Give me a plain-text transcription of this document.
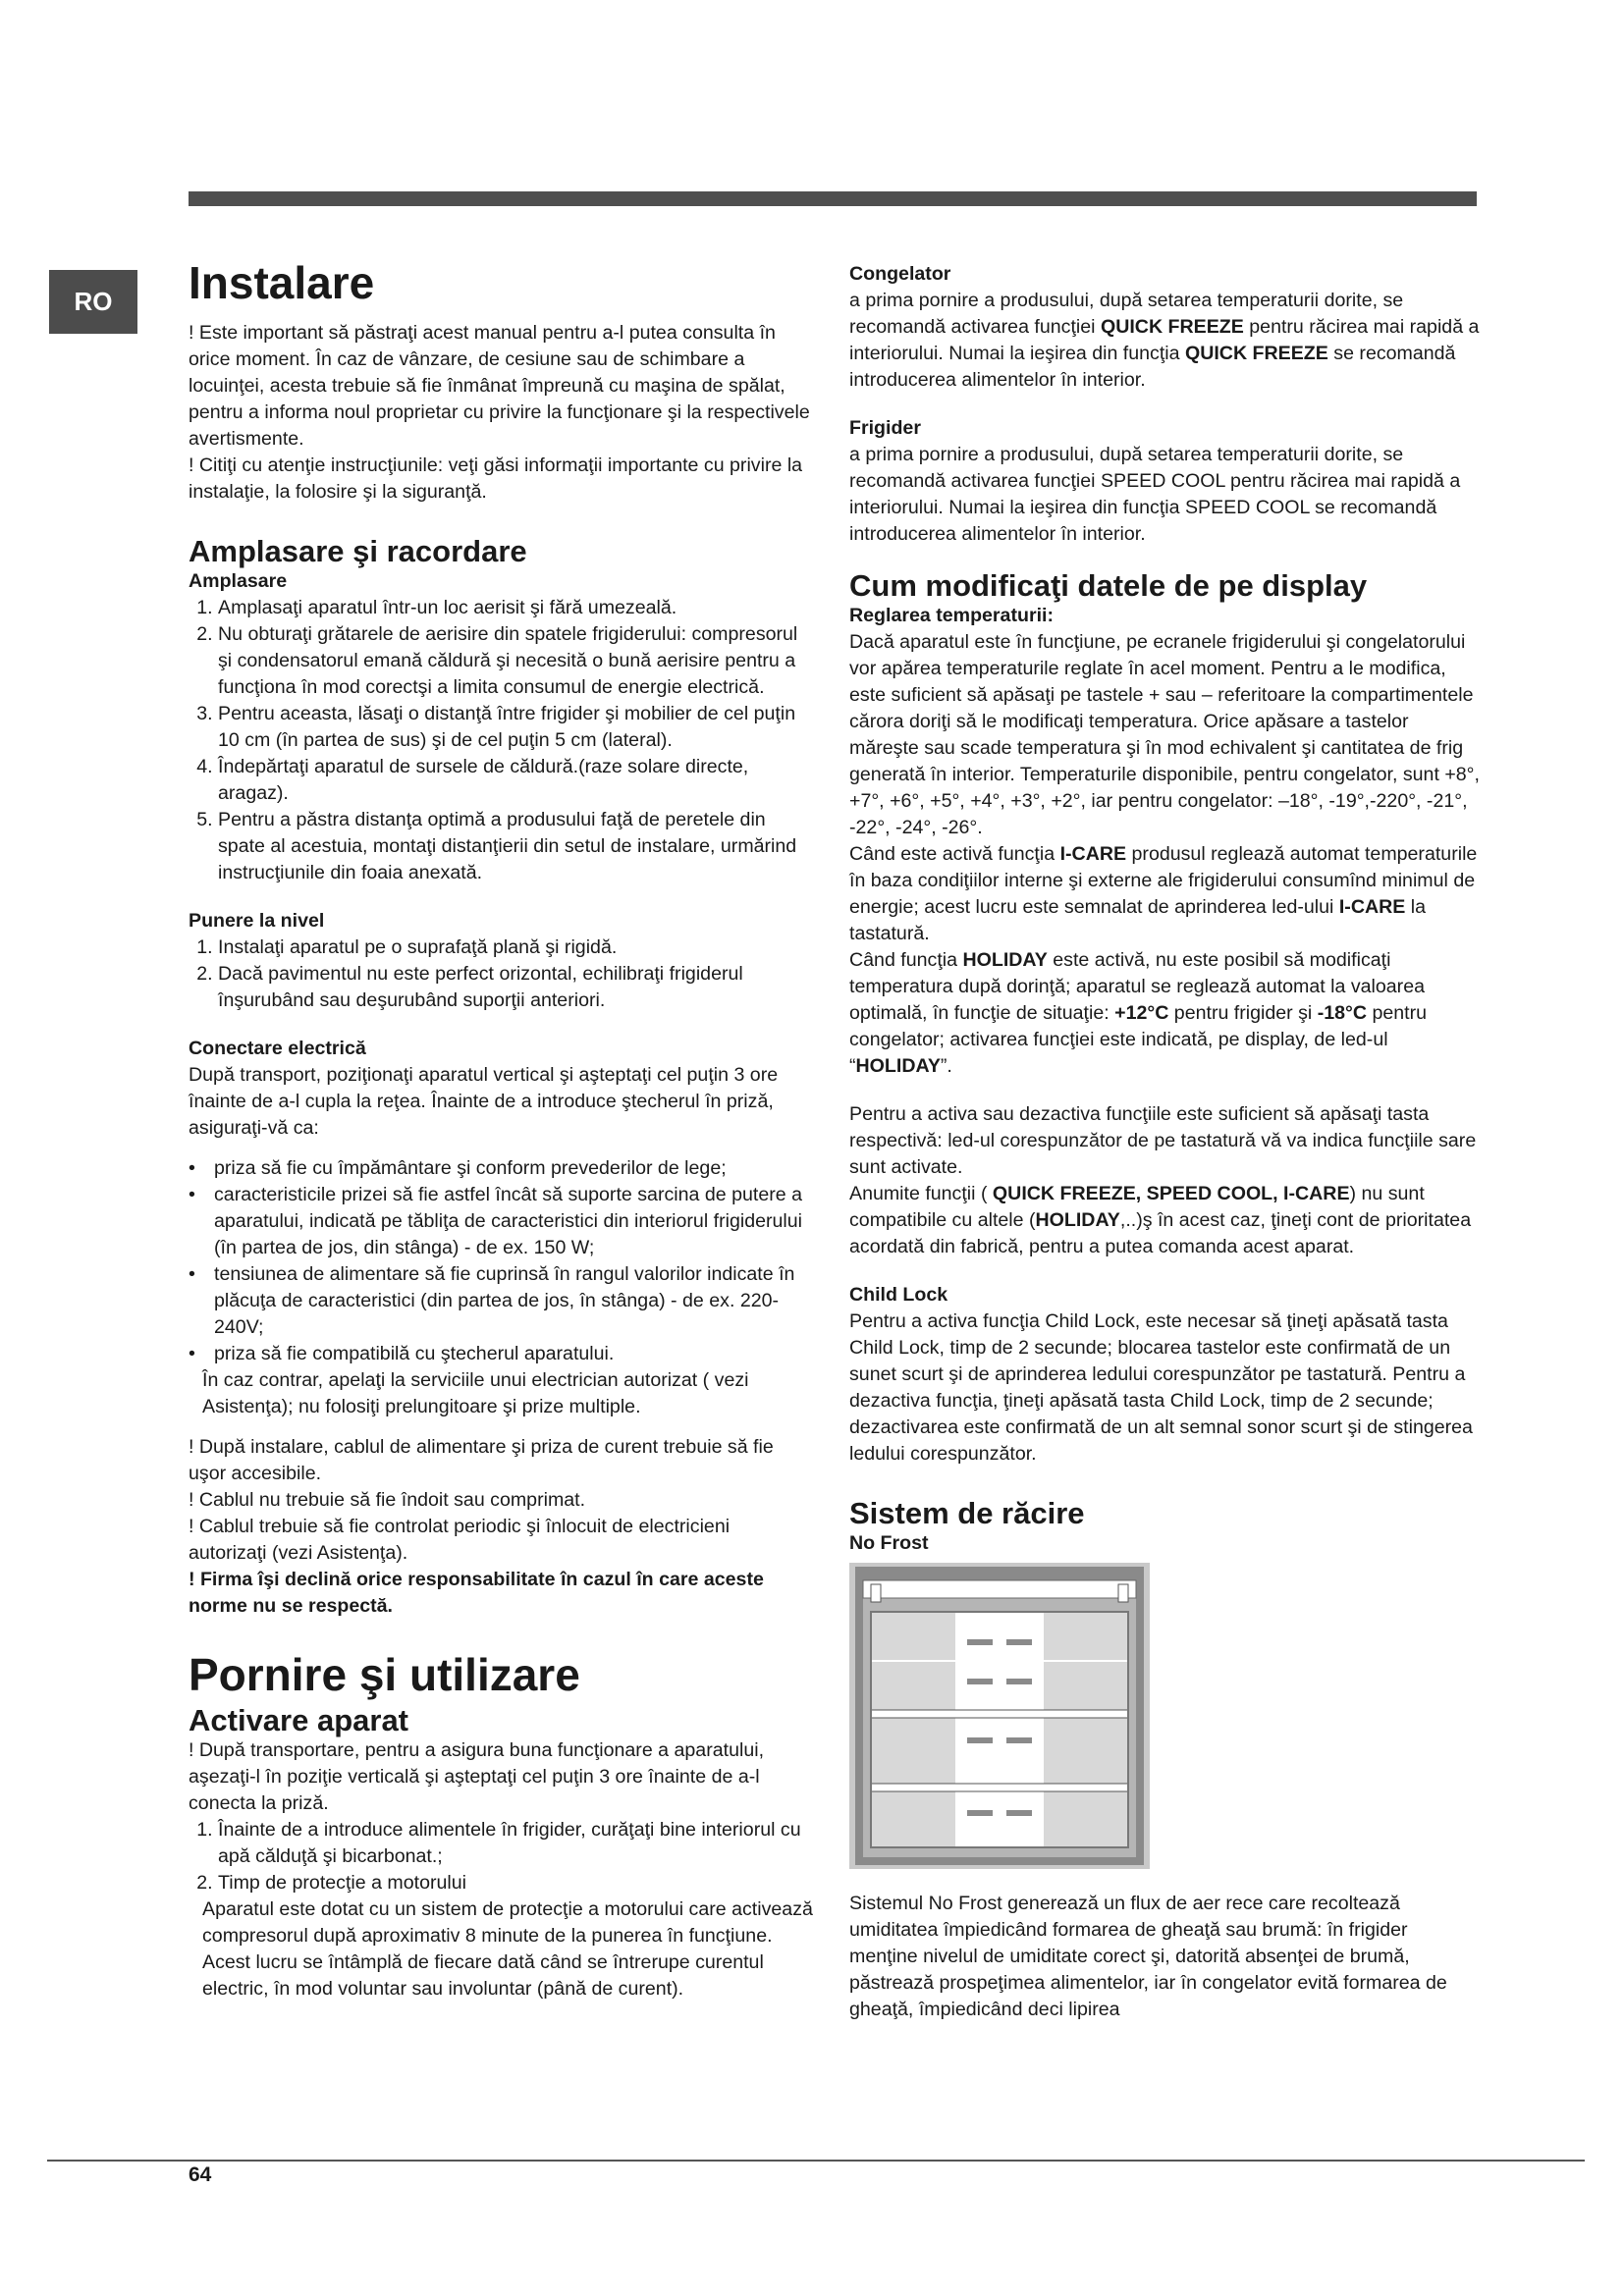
RO	Instalare

! Este important să păstraţi acest manual pentru a-l putea consulta în orice moment. În caz de vânzare, de cesiune sau de schimbare a locuinţei, acesta trebuie să fie înmânat împreună cu maşina de spălat, pentru a informa noul proprietar cu privire la funcţionare şi la respectivele avertismente.

! Citiţi cu atenţie instrucţiunile: veţi găsi informaţii importante cu privire la instalaţie, la folosire şi la siguranţă.

Amplasare şi racordare

Amplasare

1. Amplasaţi aparatul într-un loc aerisit şi fără umezeală.
2. Nu obturaţi grătarele de aerisire din spatele frigiderului: compresorul şi condensatorul emană căldură şi necesită o bună aerisire pentru a funcţiona în mod corectşi a limita consumul de energie electrică.
3. Pentru aceasta, lăsaţi o distanţă între frigider şi mobilier de cel puţin 10 cm (în partea de sus) şi de cel puţin 5 cm (lateral).
4. Îndepărtaţi aparatul de sursele de căldură.(raze solare directe, aragaz).
5. Pentru a păstra distanţa optimă a produsului faţă de peretele din spate al acestuia, montaţi distanţierii din setul de instalare, urmărind instrucţiunile din foaia anexată.

Punere la nivel

1. Instalaţi aparatul pe o suprafaţă plană şi rigidă.
2. Dacă pavimentul nu este perfect orizontal, echilibraţi frigiderul înşurubând sau deşurubând suporţii anteriori.

Conectare electrică

După transport, poziţionaţi aparatul vertical şi aşteptaţi cel puţin 3 ore înainte de a-l cupla la reţea. Înainte de a introduce ştecherul în priză, asiguraţi-vă ca:

• priza să fie cu împământare şi conform prevederilor de lege;
• caracteristicile prizei să fie astfel încât să suporte sarcina de putere a aparatului, indicată pe tăbliţa de caracteristici din interiorul frigiderului (în partea de jos, din stânga) - de ex. 150 W;
• tensiunea de alimentare să fie cuprinsă în rangul valorilor indicate în plăcuţa de caracteristici (din partea de jos, în stânga) - de ex. 220-240V;
• priza să fie compatibilă cu ştecherul aparatului.

În caz contrar, apelaţi la serviciile unui electrician autorizat ( vezi Asistenţa); nu folosiţi prelungitoare şi prize multiple.

! După instalare, cablul de alimentare şi priza de curent trebuie să fie uşor accesibile.

! Cablul nu trebuie să fie îndoit sau comprimat.

! Cablul trebuie să fie controlat periodic şi înlocuit de electricieni autorizaţi (vezi Asistenţa).

! Firma îşi declină orice responsabilitate în cazul în care aceste norme nu se respectă.

Pornire şi utilizare

Activare aparat

! După transportare, pentru a asigura buna funcţionare a aparatului, aşezaţi-l în poziţie verticală şi aşteptaţi cel puţin 3 ore înainte de a-l conecta la priză.

1. Înainte de a introduce alimentele în frigider, curăţaţi bine interiorul cu apă călduţă şi bicarbonat.;
2. Timp de protecţie a motorului

Aparatul este dotat cu un sistem de protecţie a motorului care activează compresorul după aproximativ 8 minute de la punerea în funcţiune. Acest lucru se întâmplă de fiecare dată când se întrerupe curentul electric, în mod voluntar sau involuntar (până de curent).

Congelator

a prima pornire a produsului, după setarea temperaturii dorite, se recomandă activarea funcţiei QUICK FREEZE pentru răcirea mai rapidă a interiorului. Numai la ieşirea din funcţia QUICK FREEZE se recomandă introducerea alimentelor în interior.

Frigider

a prima pornire a produsului, după setarea temperaturii dorite, se recomandă activarea funcţiei SPEED COOL pentru răcirea mai rapidă a interiorului. Numai la ieşirea din funcţia SPEED COOL se recomandă introducerea alimentelor în interior.

Cum modificaţi datele de pe display

Reglarea temperaturii:

Dacă aparatul este în funcţiune, pe ecranele frigiderului şi congelatorului vor apărea temperaturile reglate în acel moment. Pentru a le modifica, este suficient să apăsaţi pe tastele + sau – referitoare la compartimentele cărora doriţi să le modificaţi temperatura. Orice apăsare a tastelor măreşte sau scade temperatura şi în mod echivalent şi cantitatea de frig generată în interior. Temperaturile disponibile, pentru congelator, sunt +8°, +7°, +6°, +5°, +4°, +3°, +2°, iar pentru congelator: –18°, -19°,-220°, -21°, -22°, -24°, -26°.

Când este activă funcţia I-CARE produsul reglează automat temperaturile în baza condiţiilor interne şi externe ale frigiderului consumînd minimul de energie; acest lucru este semnalat de aprinderea led-ului I-CARE la tastatură.

Când funcţia HOLIDAY este activă, nu este posibil să modificaţi temperatura după dorinţă; aparatul se reglează automat la valoarea optimală, în funcţie de situaţie: +12°C pentru frigider şi -18°C pentru congelator; activarea funcţiei este indicată, pe display, de led-ul “HOLIDAY”.

Pentru a activa sau dezactiva funcţiile este suficient să apăsaţi tasta respectivă: led-ul corespunzător de pe tastatură vă va indica funcţiile sare sunt activate.

Anumite funcţii ( QUICK FREEZE, SPEED COOL, I-CARE) nu sunt compatibile cu altele (HOLIDAY,..)ş în acest caz, ţineţi cont de prioritatea acordată din fabrică, pentru a putea comanda acest aparat.

Child Lock

Pentru a activa funcţia Child Lock, este necesar să ţineţi apăsată tasta Child Lock, timp de 2 secunde; blocarea tastelor este confirmată de un sunet scurt şi de aprinderea ledului corespunzător pe tastatură. Pentru a dezactiva funcţia, ţineţi apăsată tasta Child Lock, timp de 2 secunde; dezactivarea este confirmată de un alt semnal sonor scurt şi de stingerea ledului corespunzător.

Sistem de răcire

No Frost

Sistemul No Frost generează un flux de aer rece care recoltează umiditatea împiedicând formarea de gheaţă sau brumă: în frigider menţine nivelul de umiditate corect şi, datorită absenţei de brumă, păstrează prospeţimea alimentelor, iar în congelator evită formarea de gheaţă, împiedicând deci lipirea

64
